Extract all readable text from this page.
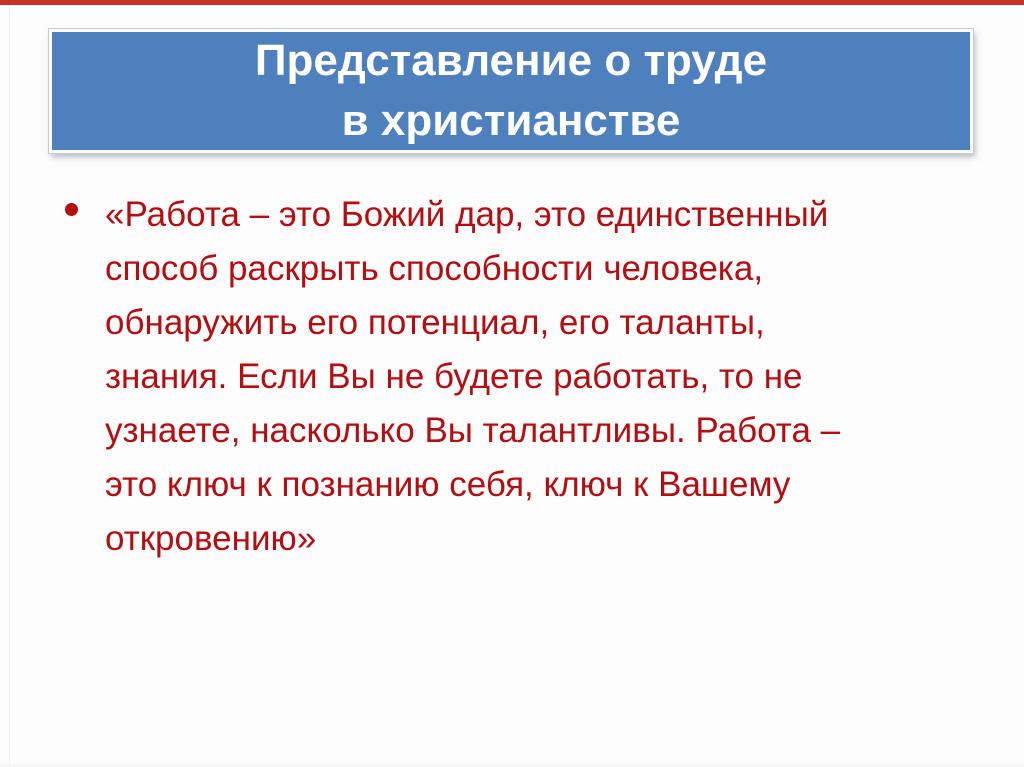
Представление о труде
в христианстве
«Работа – это Божий дар, это единственный
способ раскрыть способности человека,
обнаружить его потенциал, его таланты,
знания. Если Вы не будете работать, то не
узнаете, насколько Вы талантливы. Работа –
это ключ к познанию себя, ключ к Вашему
откровению»
